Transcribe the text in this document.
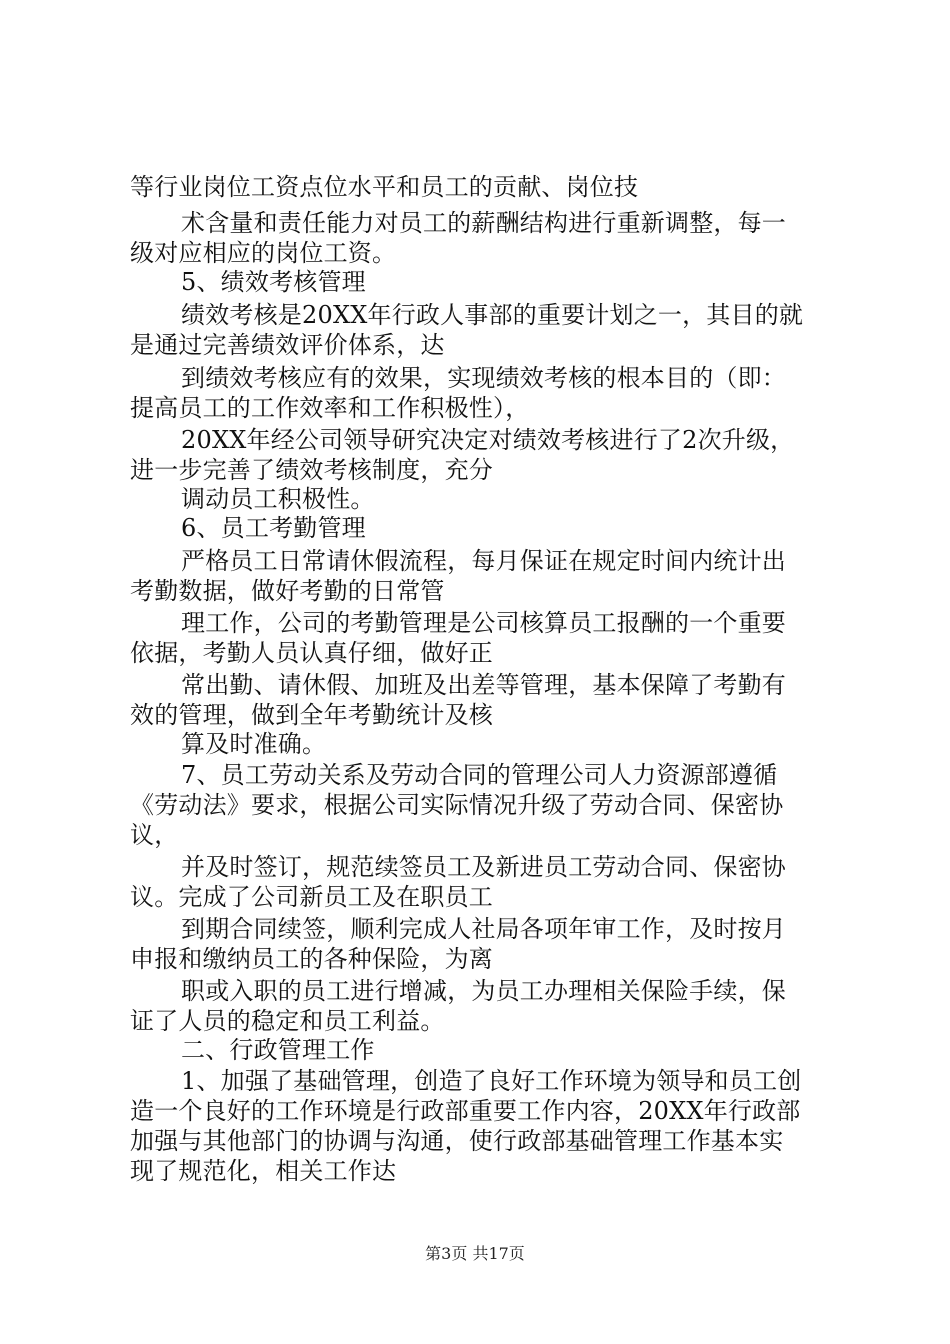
等行业岗位工资点位水平和员工的贡献、岗位技
术含量和责任能力对员工的薪酬结构进行重新调整，每一
级对应相应的岗位工资。
5、绩效考核管理
绩效考核是20XX年行政人事部的重要计划之一，其目的就
是通过完善绩效评价体系，达
到绩效考核应有的效果，实现绩效考核的根本目的（即：
提高员工的工作效率和工作积极性），
20XX年经公司领导研究决定对绩效考核进行了2次升级，
进一步完善了绩效考核制度，充分
调动员工积极性。
6、员工考勤管理
严格员工日常请休假流程，每月保证在规定时间内统计出
考勤数据，做好考勤的日常管
理工作，公司的考勤管理是公司核算员工报酬的一个重要
依据，考勤人员认真仔细，做好正
常出勤、请休假、加班及出差等管理，基本保障了考勤有
效的管理，做到全年考勤统计及核
算及时准确。
7、员工劳动关系及劳动合同的管理公司人力资源部遵循
《劳动法》要求，根据公司实际情况升级了劳动合同、保密协
议，
并及时签订，规范续签员工及新进员工劳动合同、保密协
议。完成了公司新员工及在职员工
到期合同续签，顺利完成人社局各项年审工作，及时按月
申报和缴纳员工的各种保险，为离
职或入职的员工进行增减，为员工办理相关保险手续，保
证了人员的稳定和员工利益。
二、行政管理工作
1、加强了基础管理，创造了良好工作环境为领导和员工创
造一个良好的工作环境是行政部重要工作内容，20XX年行政部
加强与其他部门的协调与沟通，使行政部基础管理工作基本实
现了规范化，相关工作达
第3页 共17页
